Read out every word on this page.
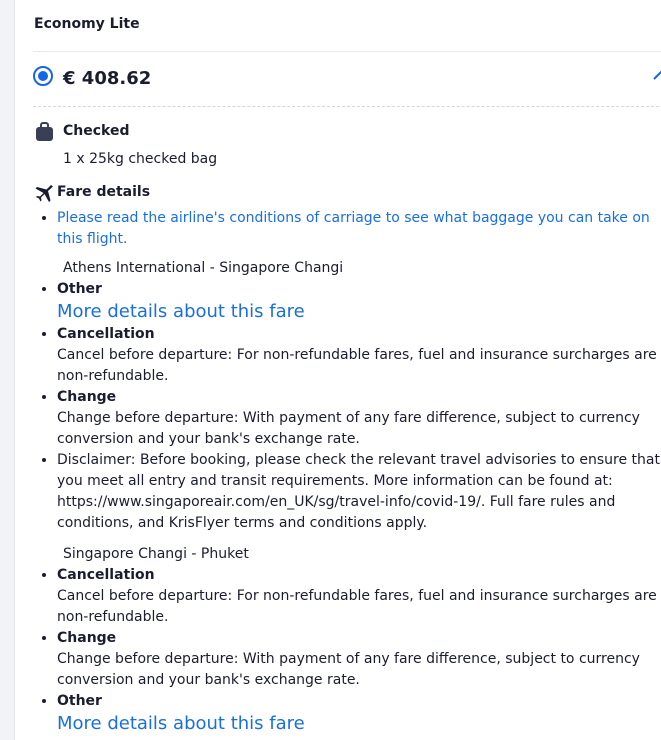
Economy Lite
€ 408.62
Checked
1 x 25kg checked bag
Fare details
• Please read the airline's conditions of carriage to see what baggage you can take on this flight.
Athens International - Singapore Changi
• Other
More details about this fare
• Cancellation
Cancel before departure: For non-refundable fares, fuel and insurance surcharges are non-refundable.
• Change
Change before departure: With payment of any fare difference, subject to currency conversion and your bank's exchange rate.
• Disclaimer: Before booking, please check the relevant travel advisories to ensure that you meet all entry and transit requirements. More information can be found at: https://www.singaporeair.com/en_UK/sg/travel-info/covid-19/. Full fare rules and conditions, and KrisFlyer terms and conditions apply.
Singapore Changi - Phuket
• Cancellation
Cancel before departure: For non-refundable fares, fuel and insurance surcharges are non-refundable.
• Change
Change before departure: With payment of any fare difference, subject to currency conversion and your bank's exchange rate.
• Other
More details about this fare
